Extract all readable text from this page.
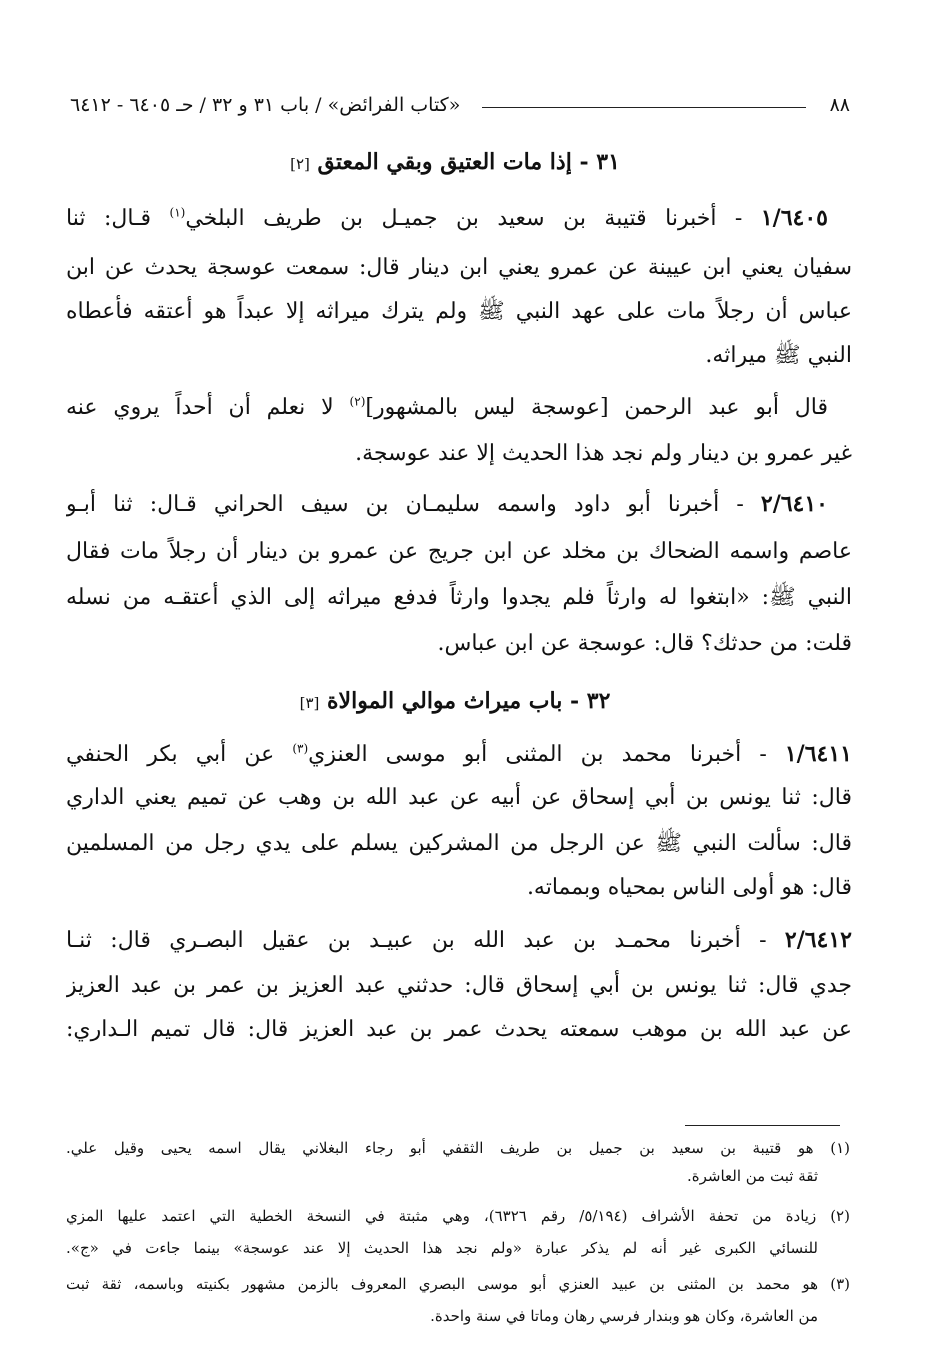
٨٨
«كتاب الفرائض» / باب ٣١ و ٣٢ / حـ ٦٤٠٥ - ٦٤١٢
٣١ - إذا مات العتيق وبقي المعتق [٢]
١/٦٤٠٥ - أخبرنا قتيبة بن سعيد بن جميـل بن طريف البلخي$^{(١)}$ قـال: ثنا
سفيان يعني ابن عيينة عن عمرو يعني ابن دينار قال: سمعت عوسجة يحدث عن ابن
عباس أن رجلاً مات على عهد النبي ﷺ ولم يترك ميراثه إلا عبداً هو أعتقه فأعطاه
النبي ﷺ ميراثه.
قال أبو عبد الرحمن [عوسجة ليس بالمشهور]$^{(٢)}$ لا نعلم أن أحداً يروي عنه
غير عمرو بن دينار ولم نجد هذا الحديث إلا عند عوسجة.
٢/٦٤١٠ - أخبرنا أبو داود واسمه سليمـان بن سيف الحراني قـال: ثنا أبـو
عاصم واسمه الضحاك بن مخلد عن ابن جريج عن عمرو بن دينار أن رجلاً مات فقال
النبي ﷺ: «ابتغوا له وارثاً فلم يجدوا وارثاً فدفع ميراثه إلى الذي أعتقـه من نسله
قلت: من حدثك؟ قال: عوسجة عن ابن عباس.
٣٢ - باب ميراث موالي الموالاة [٣]
١/٦٤١١ - أخبرنا محمد بن المثنى أبو موسى العنزي$^{(٣)}$ عن أبي بكر الحنفي
قال: ثنا يونس بن أبي إسحاق عن أبيه عن عبد الله بن وهب عن تميم يعني الداري
قال: سألت النبي ﷺ عن الرجل من المشركين يسلم على يدي رجل من المسلمين
قال: هو أولى الناس بمحياه وبمماته.
٢/٦٤١٢ - أخبرنا محمـد بن عبد الله بن عبيـد بن عقيل البصـري قال: ثنـا
جدي قال: ثنا يونس بن أبي إسحاق قال: حدثني عبد العزيز بن عمر بن عبد العزيز
عن عبد الله بن موهب سمعته يحدث عمر بن عبد العزيز قال: قال تميم الـداري:
(١) هو قتيبة بن سعيد بن جميل بن طريف الثقفي أبو رجاء البغلاني يقال اسمه يحيى وقيل علي.
ثقة ثبت من العاشرة.
(٢) زيادة من تحفة الأشراف (٥/١٩٤/ رقم ٦٣٢٦)، وهي مثبتة في النسخة الخطية التي اعتمد عليها المزي
للنسائي الكبرى غير أنه لم يذكر عبارة «ولم نجد هذا الحديث إلا عند عوسجة» بينما جاءت في «ج».
(٣) هو محمد بن المثنى بن عبيد العنزي أبو موسى البصري المعروف بالزمن مشهور بكنيته وباسمه، ثقة ثبت
من العاشرة، وكان هو وبندار فرسي رهان وماتا في سنة واحدة.
